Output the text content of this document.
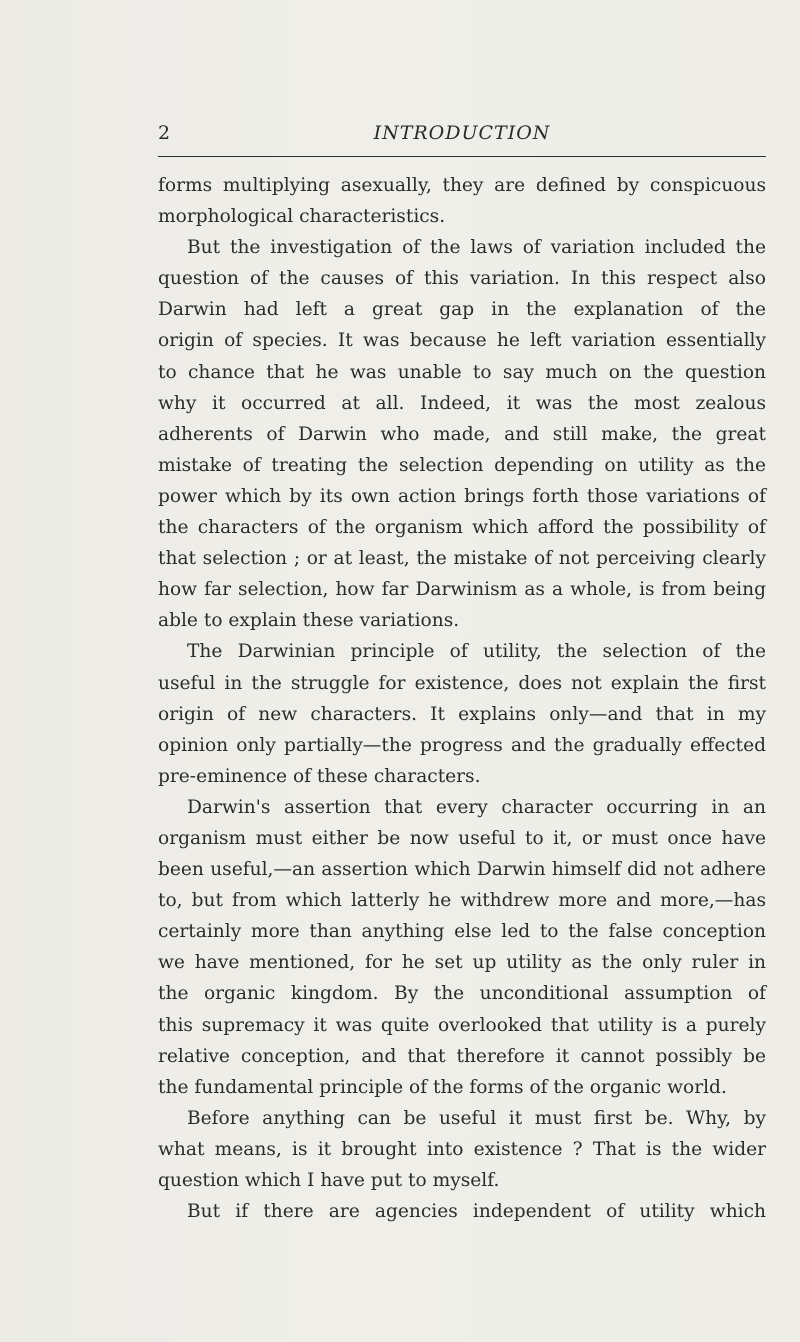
2	INTRODUCTION
forms multiplying asexually, they are defined by conspicuous
morphological characteristics.
But the investigation of the laws of variation included the
question of the causes of this variation. In this respect also
Darwin had left a great gap in the explanation of the
origin of species. It was because he left variation essentially
to chance that he was unable to say much on the question
why it occurred at all. Indeed, it was the most zealous
adherents of Darwin who made, and still make, the great
mistake of treating the selection depending on utility as the
power which by its own action brings forth those variations of
the characters of the organism which afford the possibility of
that selection ; or at least, the mistake of not perceiving clearly
how far selection, how far Darwinism as a whole, is from being
able to explain these variations.
The Darwinian principle of utility, the selection of the
useful in the struggle for existence, does not explain the first
origin of new characters. It explains only—and that in my
opinion only partially—the progress and the gradually effected
pre-eminence of these characters.
Darwin's assertion that every character occurring in an
organism must either be now useful to it, or must once have
been useful,—an assertion which Darwin himself did not adhere
to, but from which latterly he withdrew more and more,—has
certainly more than anything else led to the false conception
we have mentioned, for he set up utility as the only ruler in
the organic kingdom. By the unconditional assumption of
this supremacy it was quite overlooked that utility is a purely
relative conception, and that therefore it cannot possibly be
the fundamental principle of the forms of the organic world.
Before anything can be useful it must first be. Why, by
what means, is it brought into existence ? That is the wider
question which I have put to myself.
But if there are agencies independent of utility which
